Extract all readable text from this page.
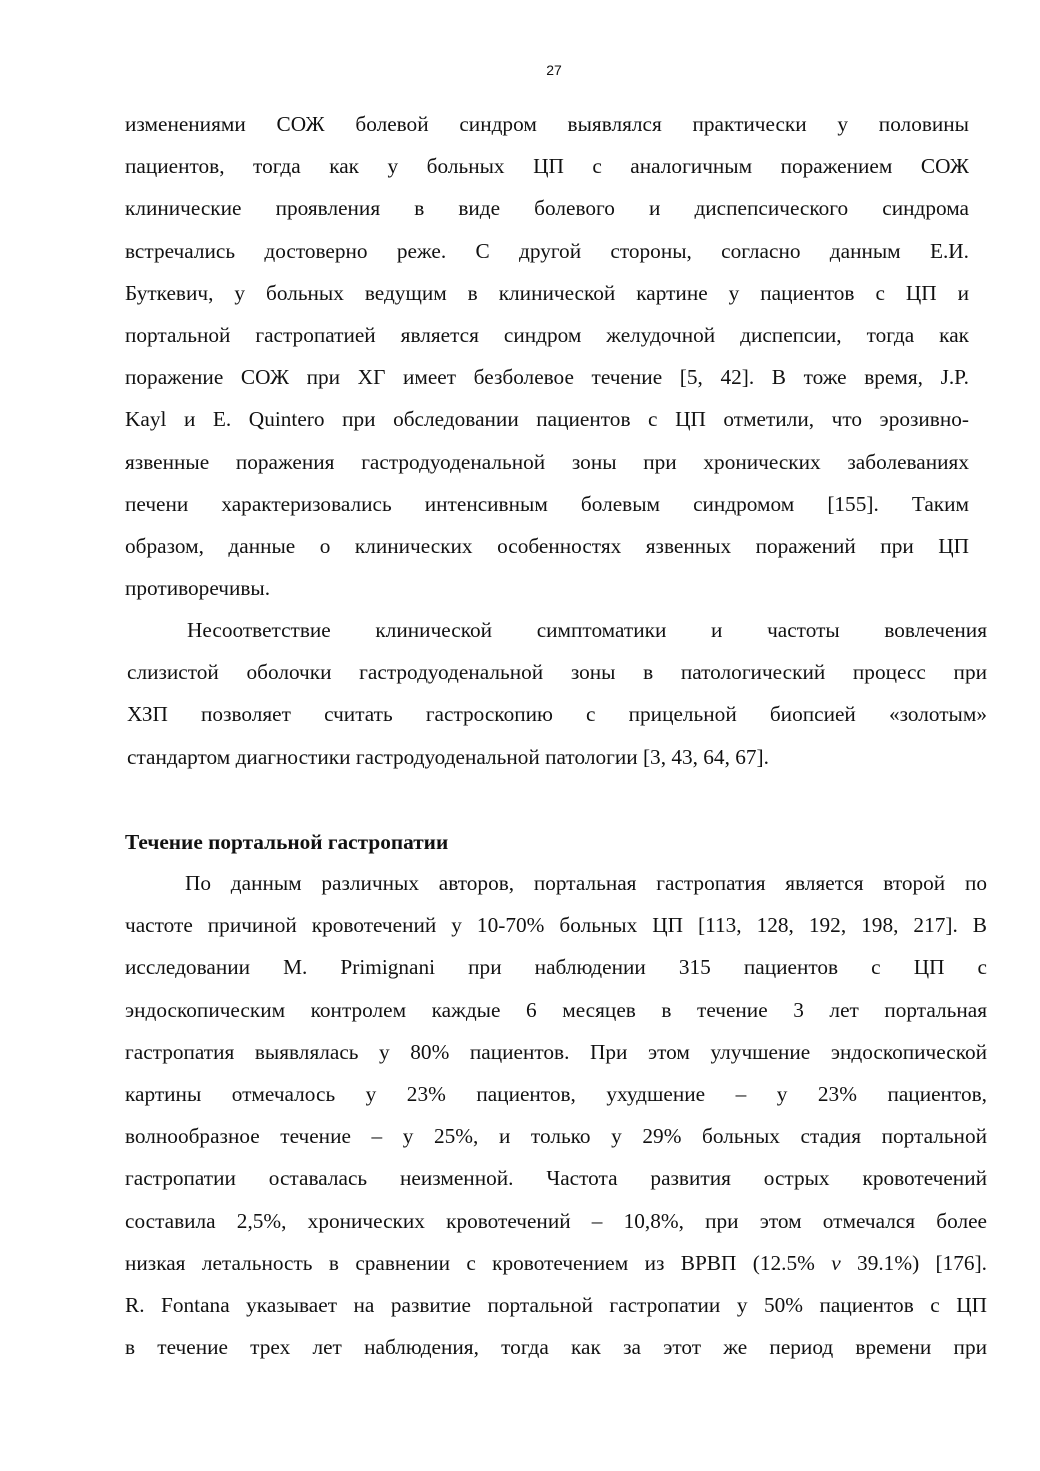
27
изменениями СОЖ болевой синдром выявлялся практически у половины
пациентов, тогда как у больных ЦП с аналогичным поражением СОЖ
клинические проявления в виде болевого и диспепсического синдрома
встречались достоверно реже. С другой стороны, согласно данным Е.И.
Буткевич, у больных ведущим в клинической картине у пациентов с ЦП и
портальной гастропатией является синдром желудочной диспепсии, тогда как
поражение СОЖ при ХГ имеет безболевое течение [5, 42]. В тоже время, J.P.
Kayl и E. Quintero при обследовании пациентов с ЦП отметили, что эрозивно-
язвенные поражения гастродуоденальной зоны при хронических заболеваниях
печени характеризовались интенсивным болевым синдромом [155]. Таким
образом, данные о клинических особенностях язвенных поражений при ЦП
противоречивы.
Несоответствие клинической симптоматики и частоты вовлечения
слизистой оболочки гастродуоденальной зоны в патологический процесс при
ХЗП позволяет считать гастроскопию с прицельной биопсией «золотым»
стандартом диагностики гастродуоденальной патологии [3, 43, 64, 67].
Течение портальной гастропатии
По данным различных авторов, портальная гастропатия является второй по
частоте причиной кровотечений у 10-70% больных ЦП [113, 128, 192, 198, 217]. В
исследовании M. Primignani при наблюдении 315 пациентов с ЦП с
эндоскопическим контролем каждые 6 месяцев в течение 3 лет портальная
гастропатия выявлялась у 80% пациентов. При этом улучшение эндоскопической
картины отмечалось у 23% пациентов, ухудшение – у 23% пациентов,
волнообразное течение – у 25%, и только у 29% больных стадия портальной
гастропатии оставалась неизменной. Частота развития острых кровотечений
составила 2,5%, хронических кровотечений – 10,8%, при этом отмечался более
низкая летальность в сравнении с кровотечением из ВРВП (12.5% v 39.1%) [176].
R. Fontana указывает на развитие портальной гастропатии у 50% пациентов с ЦП
в течение трех лет наблюдения, тогда как за этот же период времени при
